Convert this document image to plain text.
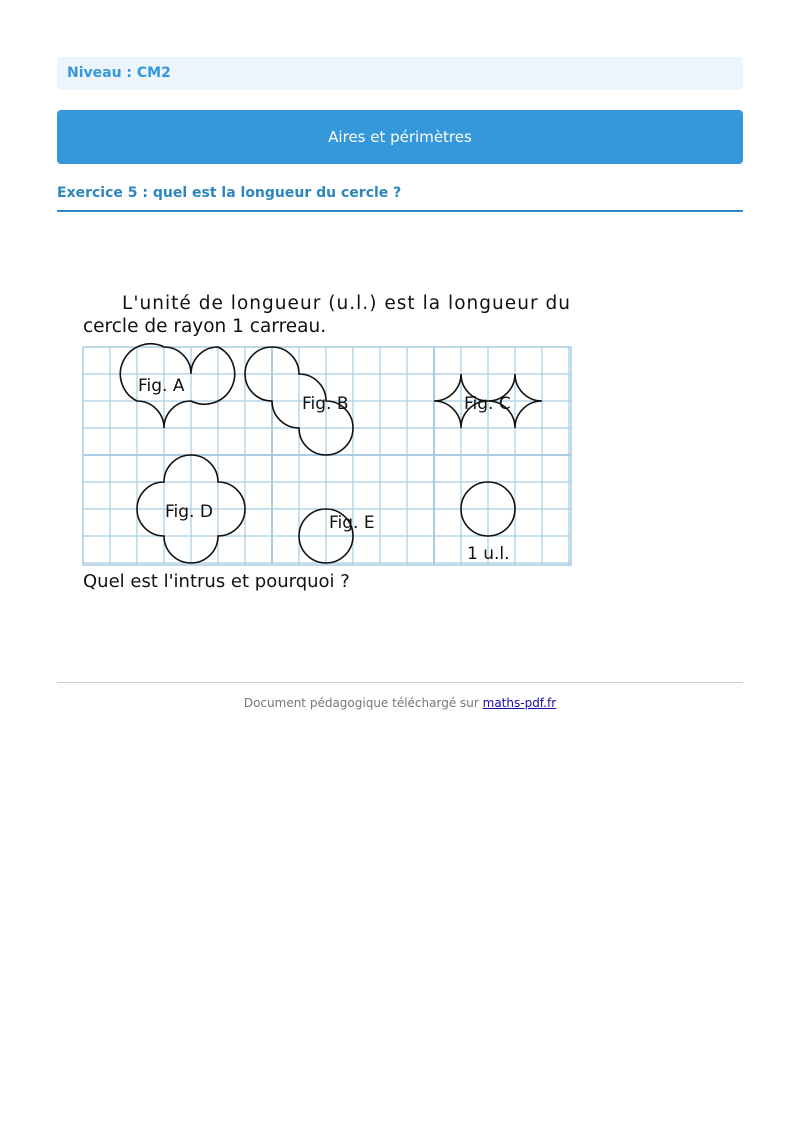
Niveau : CM2
Aires et périmètres
Exercice 5 : quel est la longueur du cercle ?
L'unité de longueur (u.l.) est la longueur du
cercle de rayon 1 carreau.
Fig. A
Fig. B	Fig. C
Fig. D
Fig. E
1 u.l.
Quel est l'intrus et pourquoi ?
Document pédagogique téléchargé sur maths-pdf.fr
